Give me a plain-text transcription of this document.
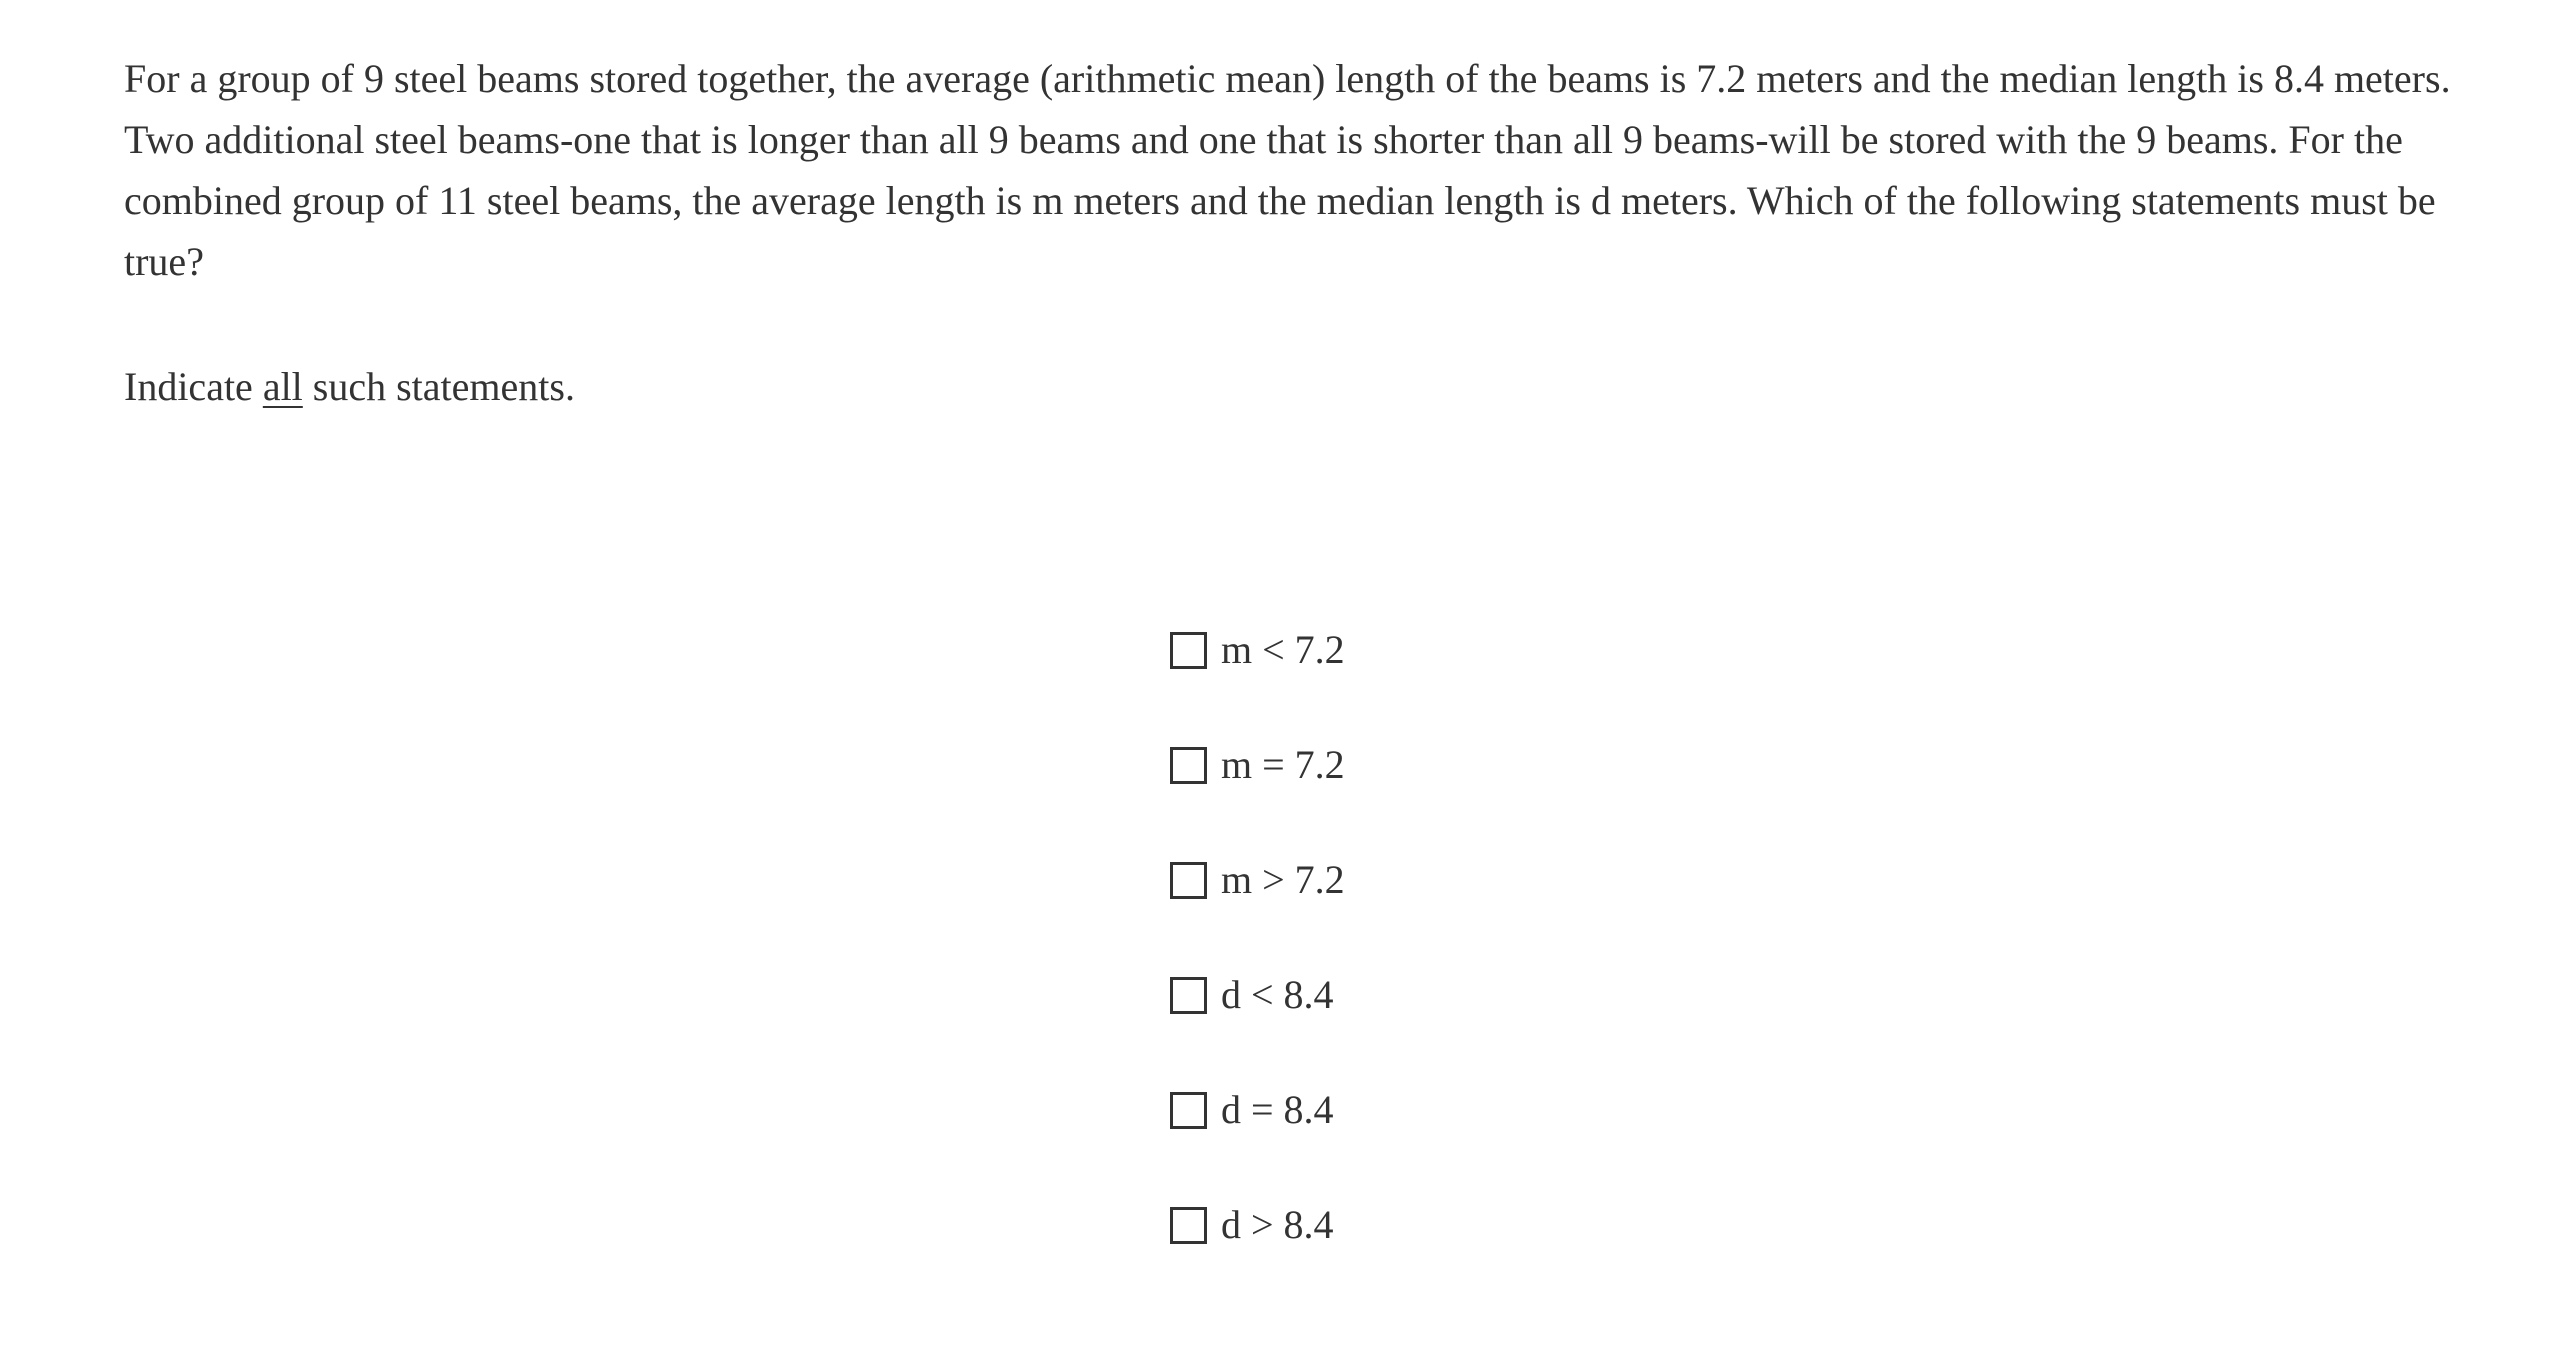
For a group of 9 steel beams stored together, the average (arithmetic mean) length of the beams is 7.2 meters and the median length is 8.4 meters. Two additional steel beams-one that is longer than all 9 beams and one that is shorter than all 9 beams-will be stored with the 9 beams. For the combined group of 11 steel beams, the average length is m meters and the median length is d meters. Which of the following statements must be true?

Indicate all such statements.

m < 7.2
m = 7.2
m > 7.2
d < 8.4
d = 8.4
d > 8.4
